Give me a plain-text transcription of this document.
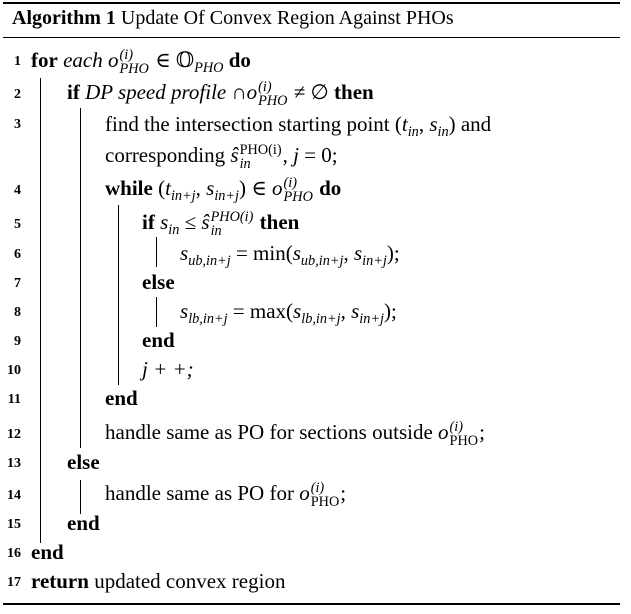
Algorithm 1 Update Of Convex Region Against PHOs
1
2
3
4
5
6
7
8
9
10
11
12
13
14
15
16
17
for each o (i)
PHO ∈ 𝕆$_{PHO}$ do
if DP speed profile ∩o (i)
PHO ≠ ∅ then
find the intersection starting point ($t_{in}$, $s_{in}$) and
corresponding ŝ PHO(i)
in	, j = 0;
while ($t_{in+j}$, $s_{in+j}$) ∈ o (i)
PHO do
if $s_{in}$ ≤ ŝ PHO(i)
in	then
$s_{ub,in+j} = \min(s_{ub,in+j}$, $s_{in+j}$);
else
$s_{lb,in+j} = \max(s_{lb,in+j}$, $s_{in+j}$);
end
j + +;
end
handle same as PO for sections outside o (i)
PHO ;
else
handle same as PO for o (i)
PHO ;
end
end
return updated convex region
